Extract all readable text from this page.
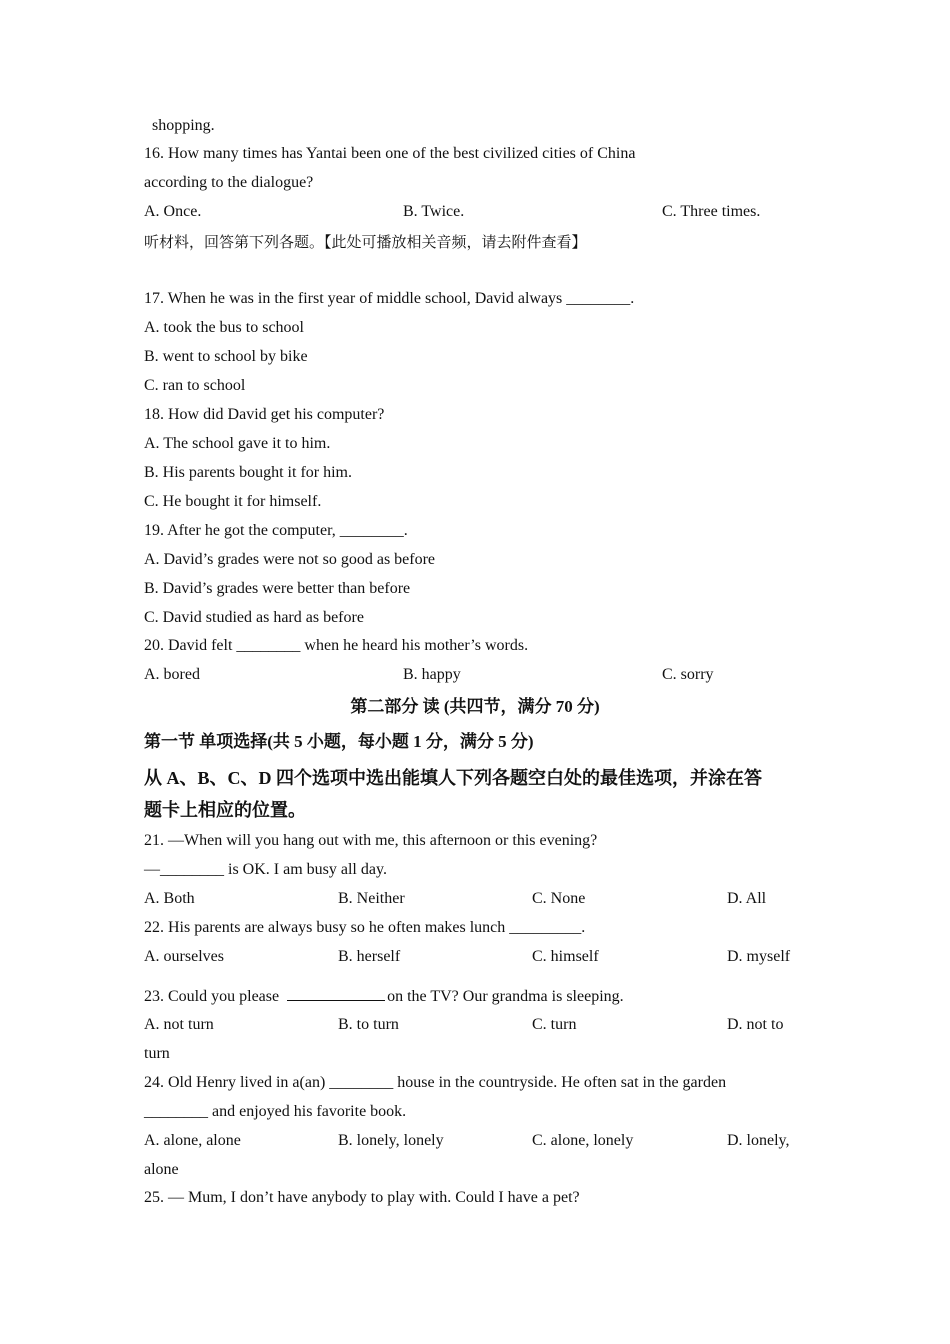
shopping.
16. How many times has Yantai been one of the best civilized cities of China
according to the dialogue?
A. Once.	B. Twice.	C. Three times.
听材料，回答第下列各题。【此处可播放相关音频，请去附件查看】
17. When he was in the first year of middle school, David always ________.
A. took the bus to school
B. went to school by bike
C. ran to school
18. How did David get his computer?
A. The school gave it to him.
B. His parents bought it for him.
C. He bought it for himself.
19. After he got the computer, ________.
A. David’s grades were not so good as before
B. David’s grades were better than before
C. David studied as hard as before
20. David felt ________ when he heard his mother’s words.
A. bored	B. happy	C. sorry
第二部分 读 (共四节，满分 70 分)
第一节 单项选择(共 5 小题，每小题 1 分，满分 5 分)
从 A、B、C、D 四个选项中选出能填人下列各题空白处的最佳选项，并涂在答
题卡上相应的位置。
21. —When will you hang out with me, this afternoon or this evening?
—________ is OK. I am busy all day.
A. Both	B. Neither	C. None	D. All
22. His parents are always busy so he often makes lunch _________.
A. ourselves	B. herself	C. himself	D. myself
23. Could you please	on the TV? Our grandma is sleeping.
A. not turn	B. to turn	C. turn	D. not to
turn
24. Old Henry lived in a(an) ________ house in the countryside. He often sat in the garden
________ and enjoyed his favorite book.
A. alone, alone	B. lonely, lonely	C. alone, lonely	D. lonely,
alone
25. — Mum, I don’t have anybody to play with. Could I have a pet?
